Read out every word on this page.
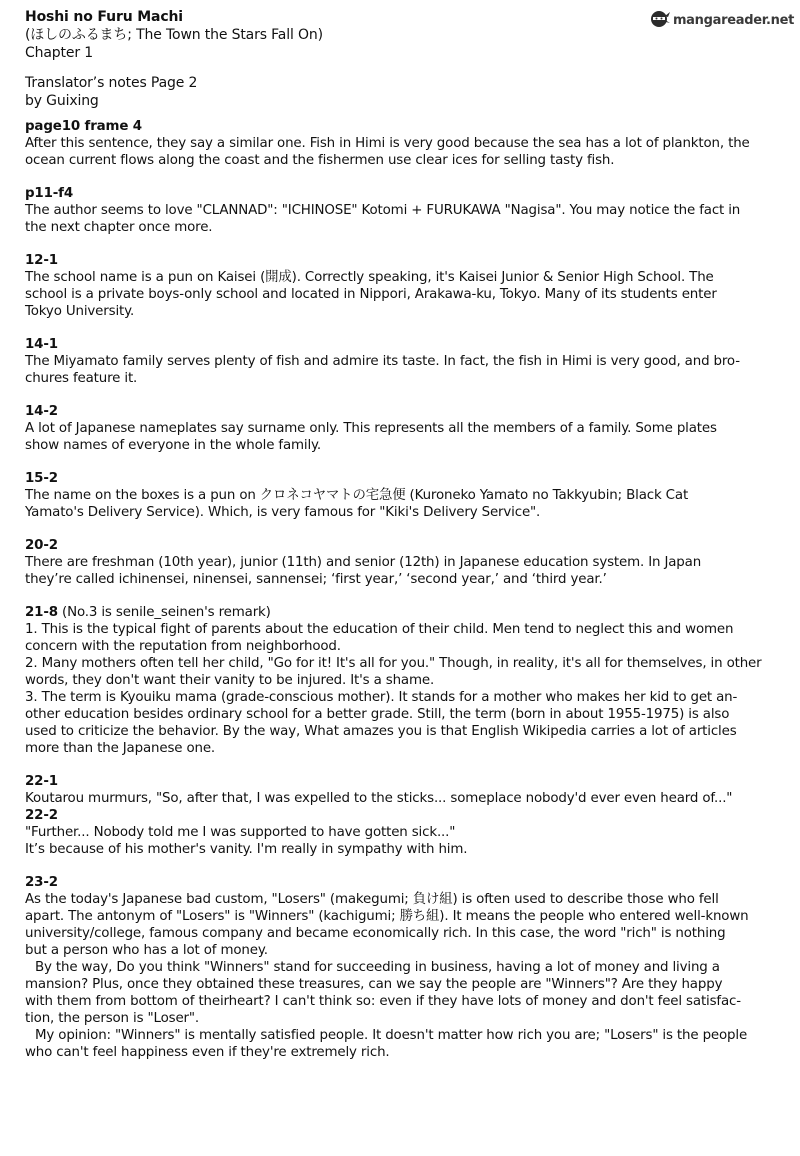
mangareader.net
Hoshi no Furu Machi
(ほしのふるまち; The Town the Stars Fall On)
Chapter 1
Translator’s notes Page 2
by Guixing
page10 frame 4

After this sentence, they say a similar one. Fish in Himi is very good because the sea has a lot of plankton, the

ocean current flows along the coast and the fishermen use clear ices for selling tasty fish.

p11-f4

The author seems to love "CLANNAD": "ICHINOSE" Kotomi + FURUKAWA "Nagisa". You may notice the fact in

the next chapter once more.

12-1

The school name is a pun on Kaisei (開成). Correctly speaking, it's Kaisei Junior & Senior High School. The

school is a private boys-only school and located in Nippori, Arakawa-ku, Tokyo. Many of its students enter

Tokyo University.

14-1

The Miyamato family serves plenty of fish and admire its taste. In fact, the fish in Himi is very good, and bro-

chures feature it.

14-2

A lot of Japanese nameplates say surname only. This represents all the members of a family. Some plates

show names of everyone in the whole family.

15-2

The name on the boxes is a pun on クロネコヤマトの宅急便 (Kuroneko Yamato no Takkyubin; Black Cat

Yamato's Delivery Service). Which, is very famous for "Kiki's Delivery Service".

20-2

There are freshman (10th year), junior (11th) and senior (12th) in Japanese education system. In Japan

they’re called ichinensei, ninensei, sannensei; ‘first year,’ ‘second year,’ and ‘third year.’

21-8 (No.3 is senile_seinen's remark)

1. This is the typical fight of parents about the education of their child. Men tend to neglect this and women

concern with the reputation from neighborhood.

2. Many mothers often tell her child, "Go for it! It's all for you." Though, in reality, it's all for themselves, in other

words, they don't want their vanity to be injured. It's a shame.

3. The term is Kyouiku mama (grade-conscious mother). It stands for a mother who makes her kid to get an-

other education besides ordinary school for a better grade. Still, the term (born in about 1955-1975) is also

used to criticize the behavior. By the way, What amazes you is that English Wikipedia carries a lot of articles

more than the Japanese one.

22-1

Koutarou murmurs, "So, after that, I was expelled to the sticks... someplace nobody'd ever even heard of..."

22-2

"Further... Nobody told me I was supported to have gotten sick..."

It’s because of his mother's vanity. I'm really in sympathy with him.

23-2

As the today's Japanese bad custom, "Losers" (makegumi; 負け組) is often used to describe those who fell

apart. The antonym of "Losers" is "Winners" (kachigumi; 勝ち組). It means the people who entered well-known

university/college, famous company and became economically rich. In this case, the word "rich" is nothing

but a person who has a lot of money.

By the way, Do you think "Winners" stand for succeeding in business, having a lot of money and living a

mansion? Plus, once they obtained these treasures, can we say the people are "Winners"? Are they happy

with them from bottom of theirheart? I can't think so: even if they have lots of money and don't feel satisfac-

tion, the person is "Loser".

My opinion: "Winners" is mentally satisfied people. It doesn't matter how rich you are; "Losers" is the people

who can't feel happiness even if they're extremely rich.
